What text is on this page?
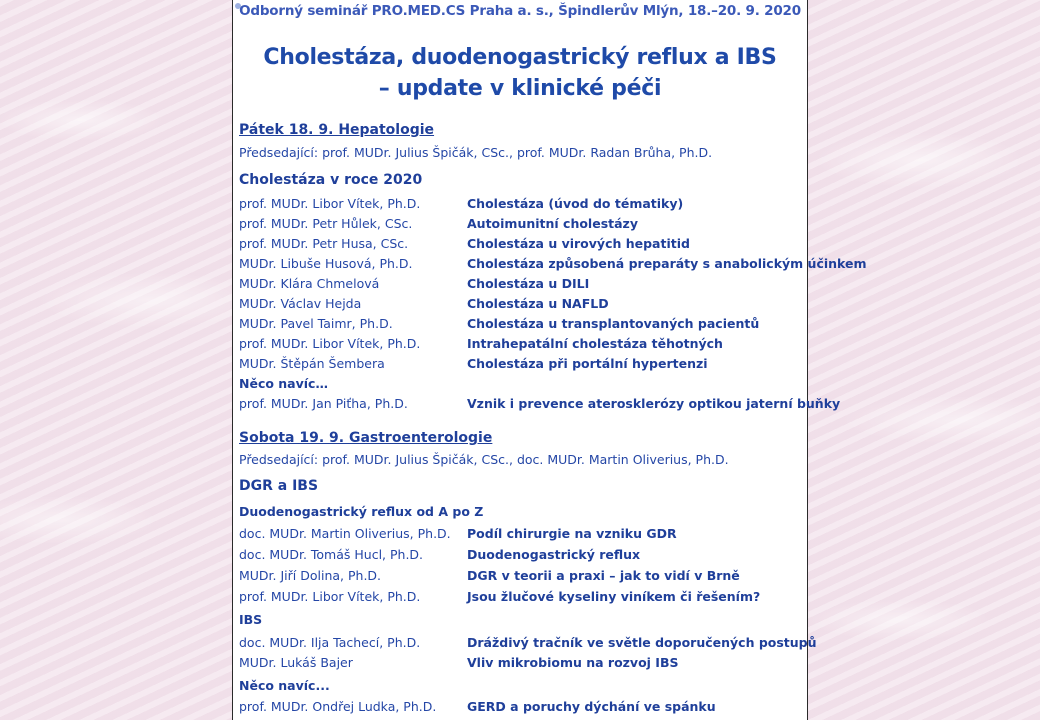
Odborný seminář PRO.MED.CS Praha a. s., Špindlerův Mlýn, 18.–20. 9. 2020
Cholestáza, duodenogastrický reflux a IBS
– update v klinické péči
Pátek 18. 9. Hepatologie
Předsedající: prof. MUDr. Julius Špičák, CSc., prof. MUDr. Radan Brůha, Ph.D.
Cholestáza v roce 2020
prof. MUDr. Libor Vítek, Ph.D.	Cholestáza (úvod do tématiky)
prof. MUDr. Petr Hůlek, CSc.	Autoimunitní cholestázy
prof. MUDr. Petr Husa, CSc.	Cholestáza u virových hepatitid
MUDr. Libuše Husová, Ph.D.	Cholestáza způsobená preparáty s anabolickým účinkem
MUDr. Klára Chmelová	Cholestáza u DILI
MUDr. Václav Hejda	Cholestáza u NAFLD
MUDr. Pavel Taimr, Ph.D.	Cholestáza u transplantovaných pacientů
prof. MUDr. Libor Vítek, Ph.D.	Intrahepatální cholestáza těhotných
MUDr. Štěpán Šembera	Cholestáza při portální hypertenzi
Něco navíc…
prof. MUDr. Jan Piťha, Ph.D.	Vznik i prevence aterosklerózy optikou jaterní buňky
Sobota 19. 9. Gastroenterologie
Předsedající: prof. MUDr. Julius Špičák, CSc., doc. MUDr. Martin Oliverius, Ph.D.
DGR a IBS
Duodenogastrický reflux od A po Z
doc. MUDr. Martin Oliverius, Ph.D. Podíl chirurgie na vzniku GDR
doc. MUDr. Tomáš Hucl, Ph.D.	Duodenogastrický reflux
MUDr. Jiří Dolina, Ph.D.	DGR v teorii a praxi – jak to vidí v Brně
prof. MUDr. Libor Vítek, Ph.D.	Jsou žlučové kyseliny viníkem či řešením?
IBS
doc. MUDr. Ilja Tachecí, Ph.D.	Dráždivý tračník ve světle doporučených postupů
MUDr. Lukáš Bajer	Vliv mikrobiomu na rozvoj IBS
Něco navíc...
prof. MUDr. Ondřej Ludka, Ph.D. GERD a poruchy dýchání ve spánku
